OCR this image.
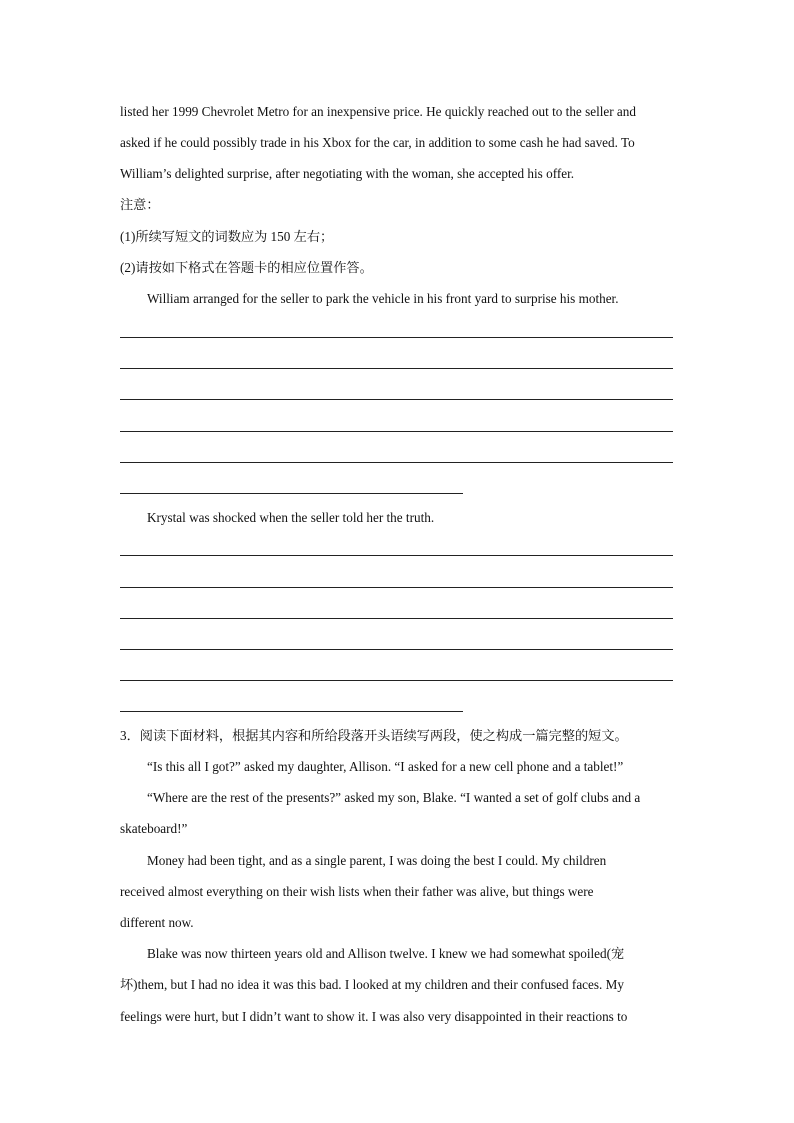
listed her 1999 Chevrolet Metro for an inexpensive price. He quickly reached out to the seller and
asked if he could possibly trade in his Xbox for the car, in addition to some cash he had saved. To
William’s delighted surprise, after negotiating with the woman, she accepted his offer.
注意：
(1)所续写短文的词数应为 150 左右；
(2)请按如下格式在答题卡的相应位置作答。
William arranged for the seller to park the vehicle in his front yard to surprise his mother.
Krystal was shocked when the seller told her the truth.
3．阅读下面材料，根据其内容和所给段落开头语续写两段，使之构成一篇完整的短文。
“Is this all I got?” asked my daughter, Allison. “I asked for a new cell phone and a tablet!”
“Where are the rest of the presents?” asked my son, Blake. “I wanted a set of golf clubs and a
skateboard!”
Money had been tight, and as a single parent, I was doing the best I could. My children
received almost everything on their wish lists when their father was alive, but things were
different now.
Blake was now thirteen years old and Allison twelve. I knew we had somewhat spoiled(宠
坏)them, but I had no idea it was this bad. I looked at my children and their confused faces. My
feelings were hurt, but I didn’t want to show it. I was also very disappointed in their reactions to
